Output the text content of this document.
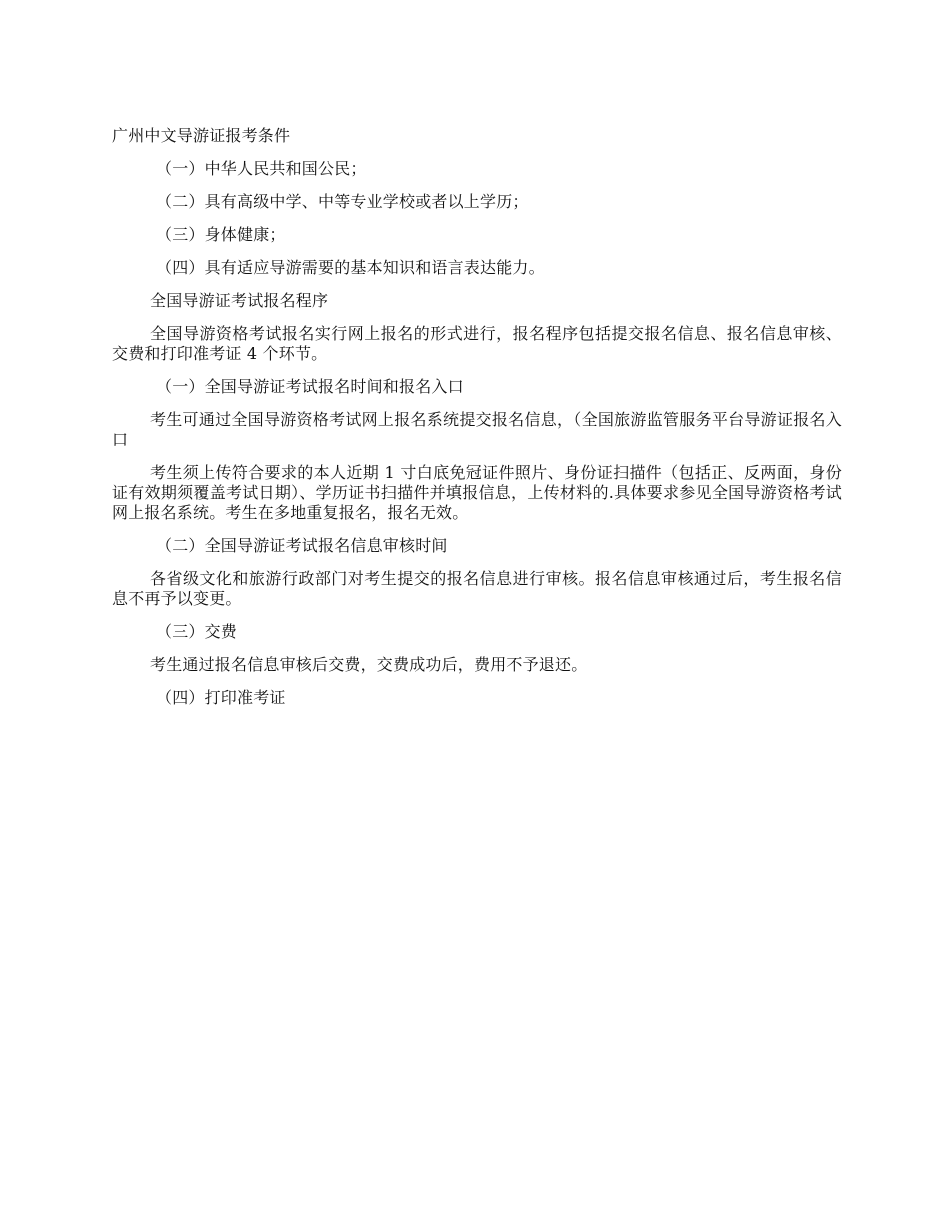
广州中文导游证报考条件

（一）中华人民共和国公民；

（二）具有高级中学、中等专业学校或者以上学历；

（三）身体健康；

（四）具有适应导游需要的基本知识和语言表达能力。

全国导游证考试报名程序

全国导游资格考试报名实行网上报名的形式进行，报名程序包括提交报名信息、报名信息审核、交费和打印准考证 4 个环节。

（一）全国导游证考试报名时间和报名入口

考生可通过全国导游资格考试网上报名系统提交报名信息，（全国旅游监管服务平台导游证报名入口

考生须上传符合要求的本人近期 1 寸白底免冠证件照片、身份证扫描件（包括正、反两面，身份证有效期须覆盖考试日期）、学历证书扫描件并填报信息，上传材料的.具体要求参见全国导游资格考试网上报名系统。考生在多地重复报名，报名无效。

（二）全国导游证考试报名信息审核时间

各省级文化和旅游行政部门对考生提交的报名信息进行审核。报名信息审核通过后，考生报名信息不再予以变更。

（三）交费

考生通过报名信息审核后交费，交费成功后，费用不予退还。

（四）打印准考证
